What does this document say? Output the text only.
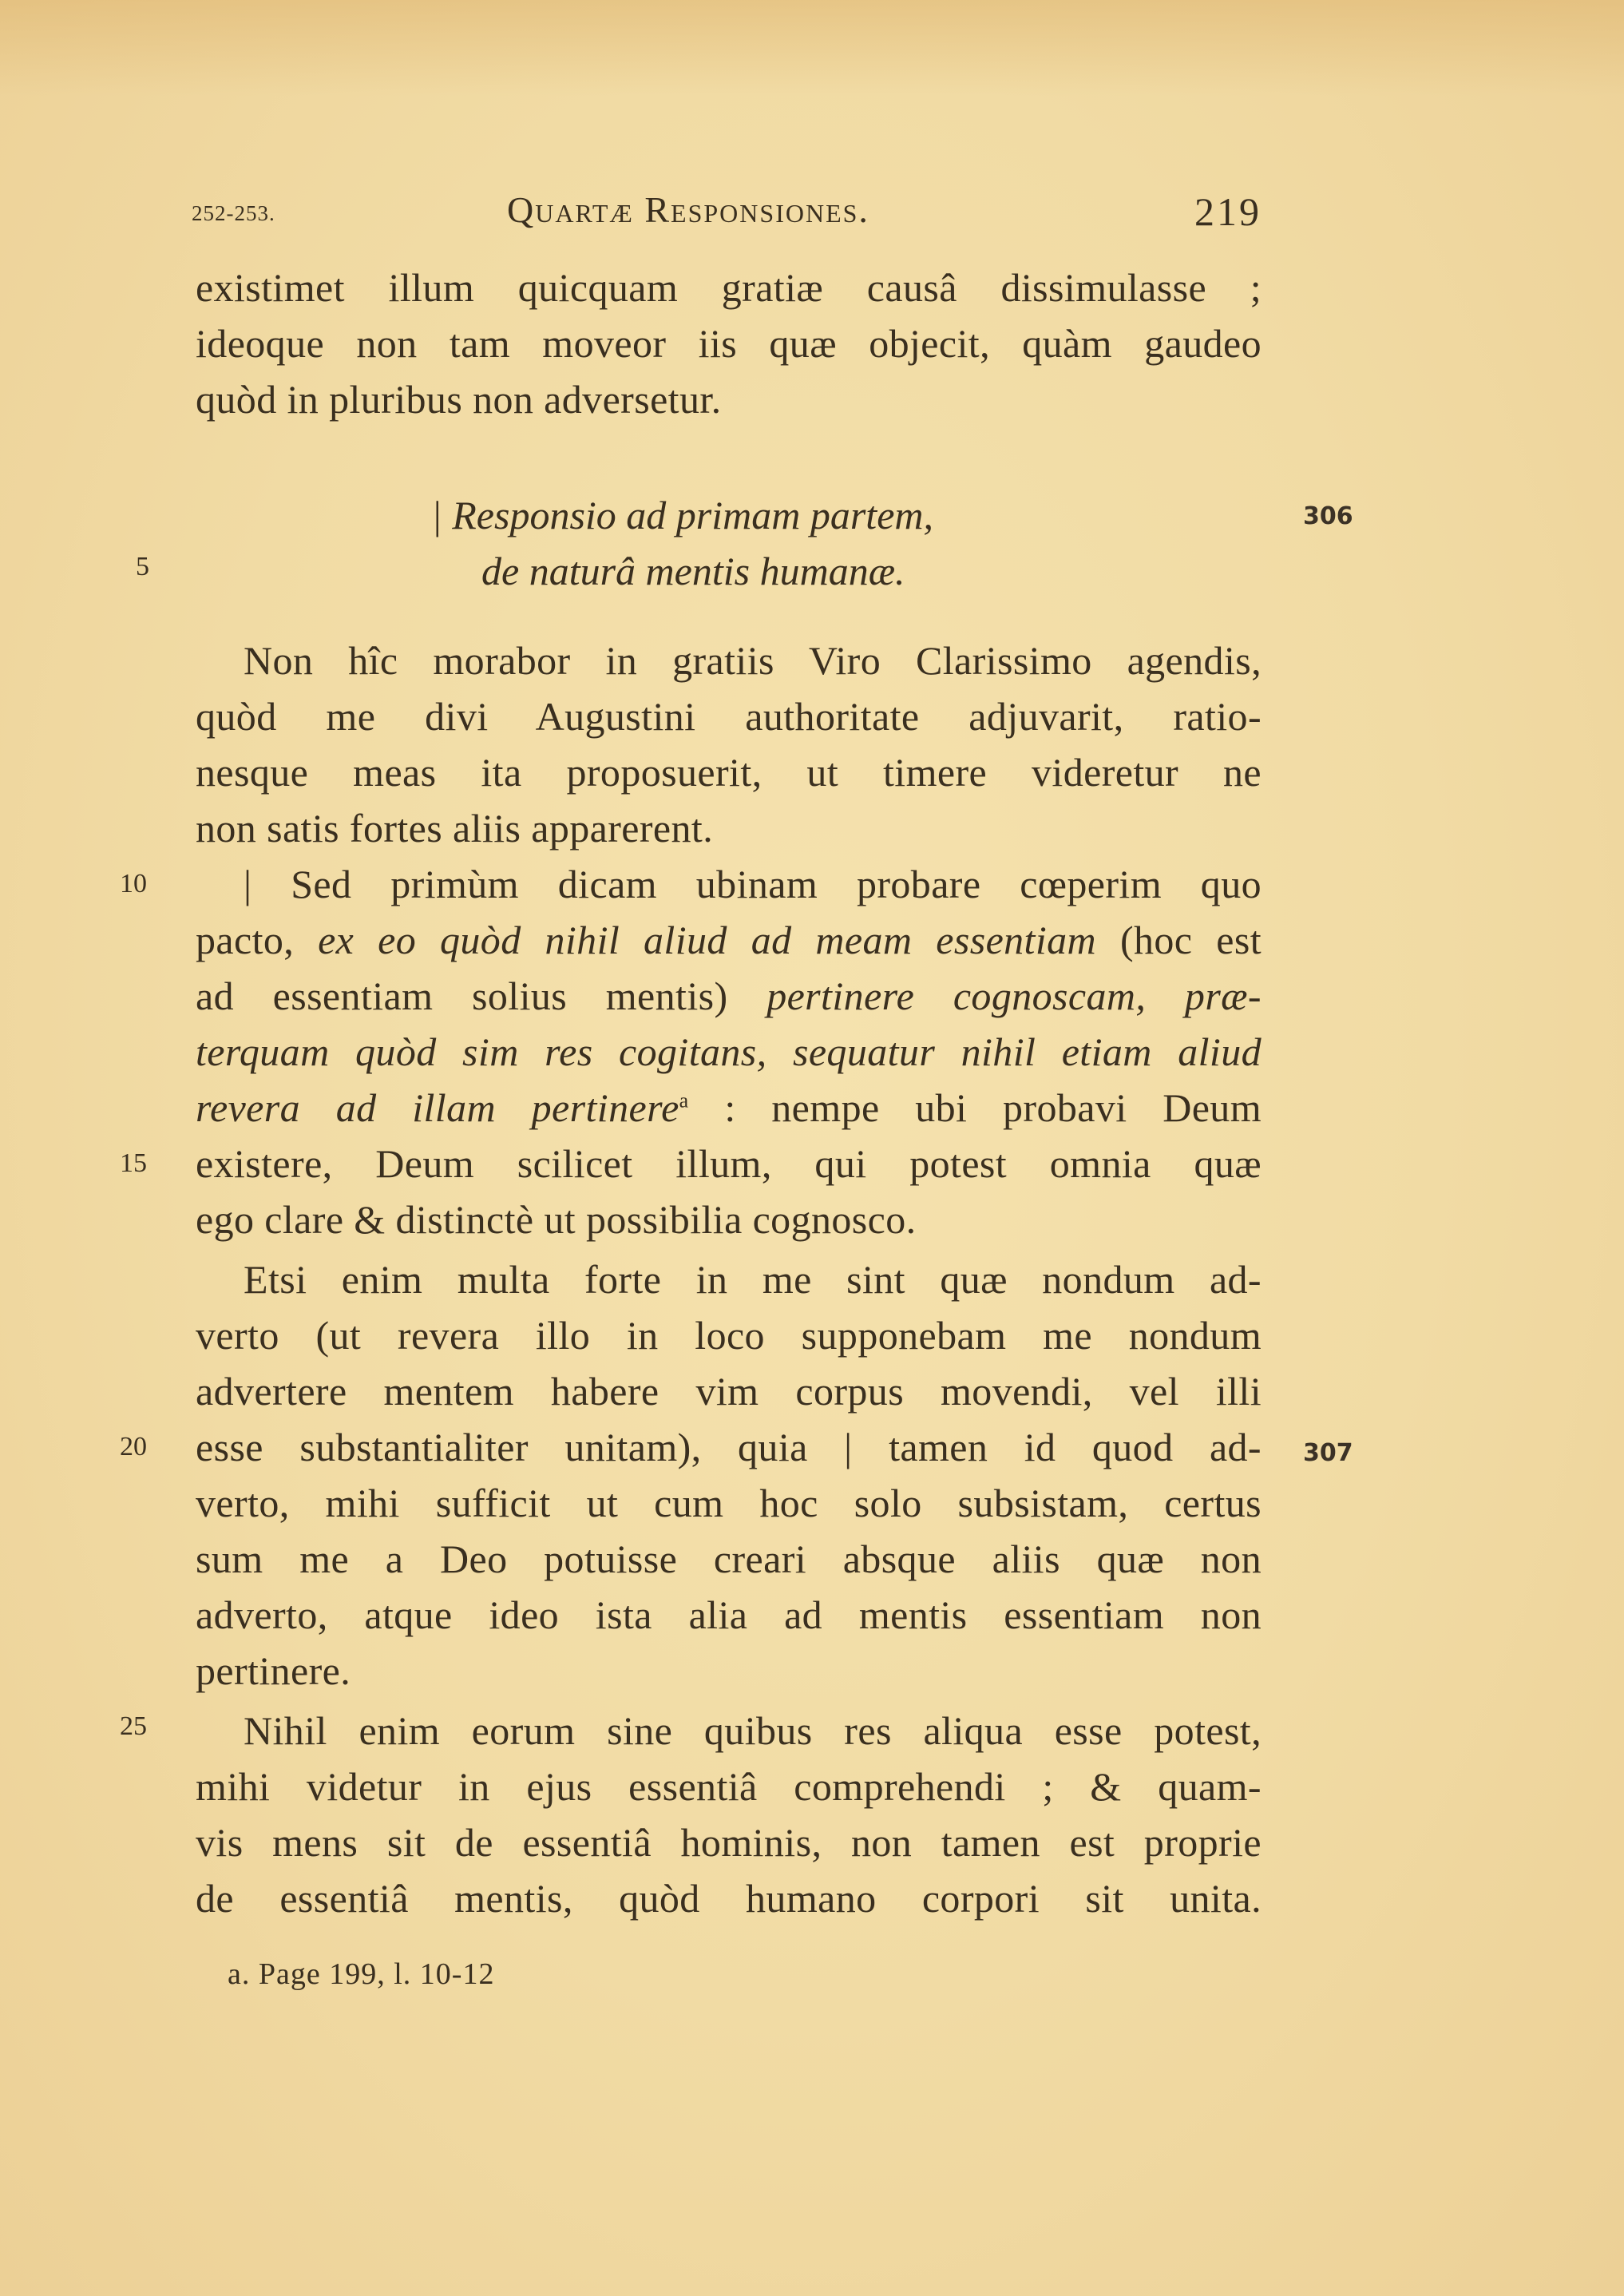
252-253.	Quartæ Responsiones.	219
existimet illum quicquam gratiæ causâ dissimulasse ;
ideoque non tam moveor iis quæ objecit, quàm gaudeo
quòd in pluribus non adversetur.
| Responsio ad primam partem,
de naturâ mentis humanæ.
306
5
Non hîc morabor in gratiis Viro Clarissimo agendis,
quòd me divi Augustini authoritate adjuvarit, ratio-
nesque meas ita proposuerit, ut timere videretur ne
non satis fortes aliis apparerent.
10 | Sed primùm dicam ubinam probare cœperim quo
pacto, ex eo quòd nihil aliud ad meam essentiam (hoc est
ad essentiam solius mentis) pertinere cognoscam, præ-
terquam quòd sim res cogitans, sequatur nihil etiam aliud
revera ad illam pertinere$^a$ : nempe ubi probavi Deum
15 existere, Deum scilicet illum, qui potest omnia quæ
ego clare & distinctè ut possibilia cognosco.
Etsi enim multa forte in me sint quæ nondum ad-
verto (ut revera illo in loco supponebam me nondum
advertere mentem habere vim corpus movendi, vel illi
20 esse substantialiter unitam), quia | tamen id quod ad- 307
verto, mihi sufficit ut cum hoc solo subsistam, certus
sum me a Deo potuisse creari absque aliis quæ non
adverto, atque ideo ista alia ad mentis essentiam non
pertinere.
25 Nihil enim eorum sine quibus res aliqua esse potest,
mihi videtur in ejus essentiâ comprehendi ; & quam-
vis mens sit de essentiâ hominis, non tamen est proprie
de essentiâ mentis, quòd humano corpori sit unita.
a. Page 199, l. 10-12
